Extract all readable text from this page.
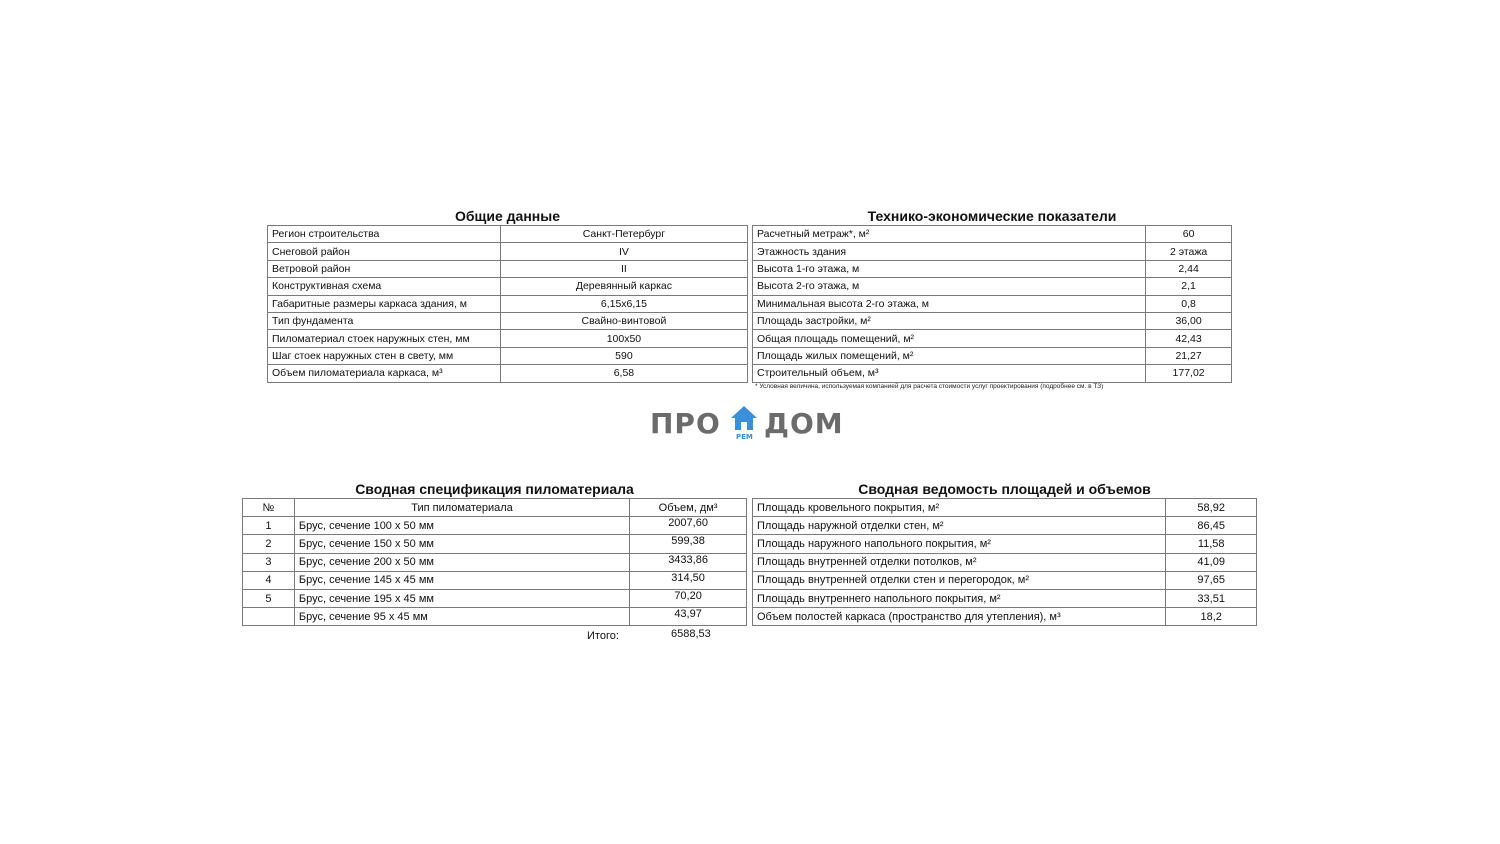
Общие данные
Регион строительства	Санкт-Петербург
Снеговой район	IV
Ветровой район	II
Конструктивная схема	Деревянный каркас
Габаритные размеры каркаса здания, м	6,15х6,15
Тип фундамента	Свайно-винтовой
Пиломатериал стоек наружных стен, мм	100х50
Шаг стоек наружных стен в свету, мм	590
Объем пиломатериала каркаса, м³	6,58
Технико-экономические показатели
Расчетный метраж*, м²	60
Этажность здания	2 этажа
Высота 1-го этажа, м	2,44
Высота 2-го этажа, м	2,1
Минимальная высота 2-го этажа, м	0,8
Площадь застройки, м²	36,00
Общая площадь помещений, м²	42,43
Площадь жилых помещений, м²	21,27
Строительный объем, м³	177,02
* Условная величина, используемая компанией для расчета стоимости услуг проектирования (подробнее см. в ТЗ)
ПРО РЕМ ДОМ
Сводная спецификация пиломатериала
№	Тип пиломатериала	Объем, дм³
1	Брус, сечение 100 х 50 мм	2007,60
2	Брус, сечение 150 х 50 мм	599,38
3	Брус, сечение 200 х 50 мм	3433,86
4	Брус, сечение 145 х 45 мм	314,50
5	Брус, сечение 195 х 45 мм	70,20
	Брус, сечение 95 х 45 мм	43,97
Итого:	6588,53
Сводная ведомость площадей и объемов
Площадь кровельного покрытия, м²	58,92
Площадь наружной отделки стен, м²	86,45
Площадь наружного напольного покрытия, м²	11,58
Площадь внутренней отделки потолков, м²	41,09
Площадь внутренней отделки стен и перегородок, м²	97,65
Площадь внутреннего напольного покрытия, м²	33,51
Объем полостей каркаса (пространство для утепления), м³	18,2
